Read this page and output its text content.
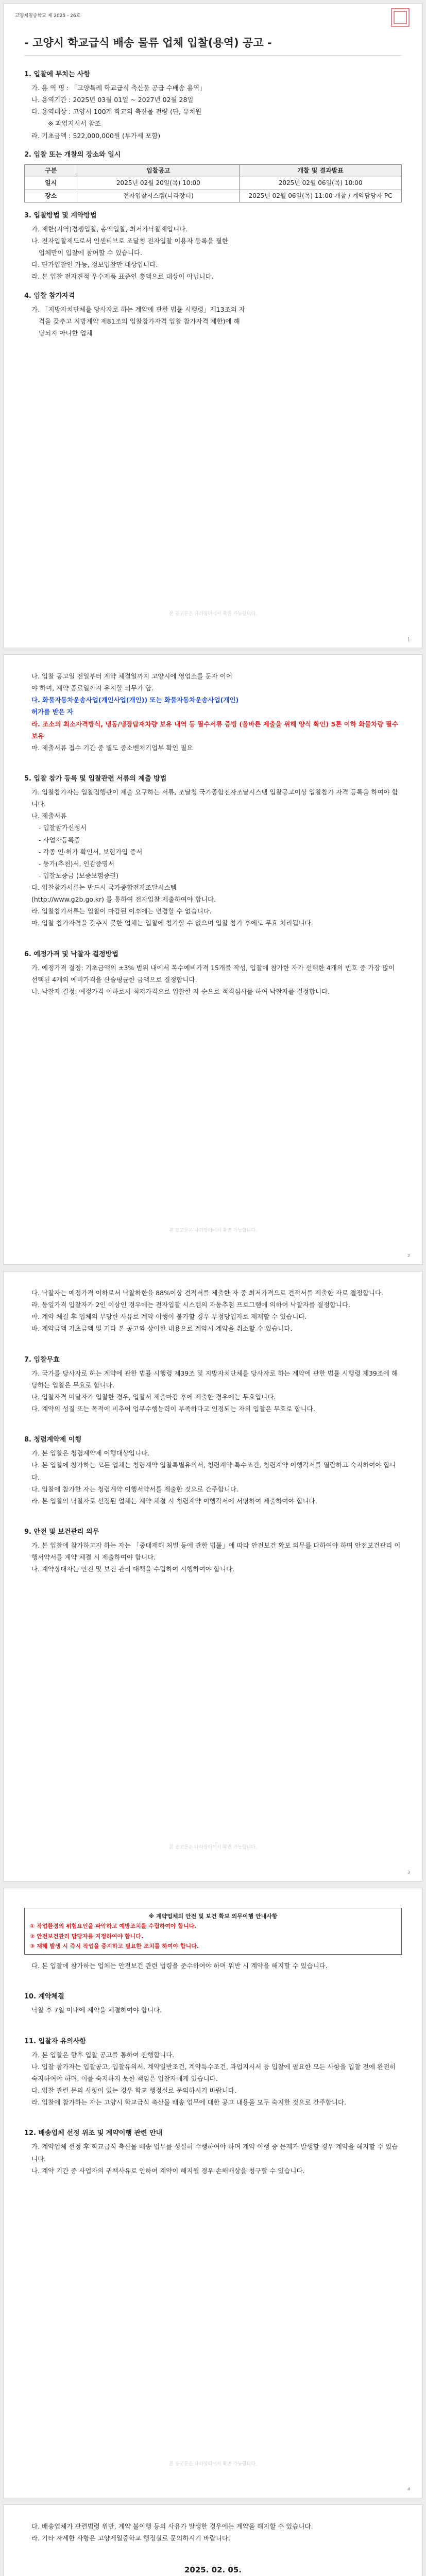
고양제일중학교 제 2025 - 26호
- 고양시 학교급식 배송 물류 업체 입찰(용역) 공고 -
1. 입찰에 부치는 사항
가. 용 역 명 : 「고양특례 학교급식 축산물 공급 수배송 용역」
나. 용역기간 : 2025년 03월 01일 ~ 2027년 02월 28일
다. 용역대상 : 고양시 100개 학교의 축산물 전량 (단, 유치원
※ 과업지시서 참조
라. 기초금액 : 522,000,000원 (부가세 포함)
2. 입찰 또는 개찰의 장소와 일시
구분	입찰공고	개찰 및 결과발표
일시	2025년 02월 20일(목) 10:00	2025년 02월 06일(목) 10:00
장소	전자입찰시스템(나라장터)	2025년 02월 06일(목) 11:00 개찰 / 계약담당자 PC
3. 입찰방법 및 계약방법
가. 제한(지역)경쟁입찰, 총액입찰, 최저가낙찰제입니다.
나. 전자입찰제도로서 인센티브로 조달청 전자입찰 이용자 등록을 필한
업체만이 입찰에 참여할 수 있습니다.
다. 단가입찰인 가능, 정보입찰만 대상입니다.
라. 본 입찰 전자견적 우수제품 표준인 총액으로 대상이 아닙니다.
4. 입찰 참가자격
가. 「지방자치단체를 당사자로 하는 계약에 관한 법률 시행령」제13조의 자
격을 갖추고 지방계약 제81조의 입찰참가자격 입찰 참가자격 제한)에 해
당되지 아니한 업체
본 공고문은 나라장터에서 확인 가능합니다.
1
나. 입찰 공고일 전일부터 계약 체결일까지 고양시에 영업소를 둔자 이어
야 하며, 계약 종료일까지 유지할 의무가 함.
다. 화물자동차운송사업(개인사업(개인)) 또는 화물자동차운송사업(개인)
허가를 받은 자
라. 조소의 최소자격방식, 냉동/냉장탑재차량 보유 내역 등 필수서류 증빙 (올바른 제출을 위해 양식 확인) 5톤 이하 화물차량 필수 보유
마. 제출서류 접수 기간 중 별도 중소벤처기업부 확인 필요

5. 입찰 참가 등록 및 입찰관련 서류의 제출 방법
가. 입찰참가자는 입찰집행관이 제출 요구하는 서류, 조달청 국가종합전자조달시스템 입찰공고이상 입찰참가 자격 등록을 하여야 합니다.
나. 제출서류
- 입찰참가신청서
- 사업자등록증
- 각종 인·허가 확인서, 보험가입 증서
- 동가(추천)서, 인감증명서
- 입찰보증금 (보증보험증권)
다. 입찰참가서류는 반드시 국가종합전자조달시스템
(http://www.g2b.go.kr) 를 통하여 전자입찰 제출하여야 합니다.
라. 입찰참가서류는 입찰이 마감된 이후에는 변경할 수 없습니다.
마. 입찰 참가자격을 갖추지 못한 업체는 입찰에 참가할 수 없으며 입찰 참가 후에도 무효 처리됩니다.

6. 예정가격 및 낙찰자 결정방법
가. 예정가격 결정: 기초금액의 ±3% 범위 내에서 복수예비가격 15개를 작성, 입찰에 참가한 자가 선택한 4개의 번호 중 가장 많이 선택된 4개의 예비가격을 산술평균한 금액으로 결정합니다.
나. 낙찰자 결정: 예정가격 이하로서 최저가격으로 입찰한 자 순으로 적격심사를 하여 낙찰자를 결정합니다.
본 공고문은 나라장터에서 확인 가능합니다.
2
다. 낙찰자는 예정가격 이하로서 낙찰하한율 88%이상 견적서를 제출한 자 중 최저가격으로 견적서를 제출한 자로 결정합니다.
라. 동일가격 입찰자가 2인 이상인 경우에는 전자입찰 시스템의 자동추첨 프로그램에 의하여 낙찰자를 결정합니다.
마. 계약 체결 후 업체의 부당한 사유로 계약 이행이 불가할 경우 부정당업자로 제재할 수 있습니다.
바. 계약금액 기초금액 및 기타 본 공고와 상이한 내용으로 계약시 계약을 취소할 수 있습니다.

7. 입찰무효
가. 국가를 당사자로 하는 계약에 관한 법률 시행령 제39조 및 지방자치단체를 당사자로 하는 계약에 관한 법률 시행령 제39조에 해당하는 입찰은 무효로 합니다.
나. 입찰자격 미달자가 입찰한 경우, 입찰서 제출마감 후에 제출한 경우에는 무효입니다.
다. 계약의 성질 또는 목적에 비추어 업무수행능력이 부족하다고 인정되는 자의 입찰은 무효로 합니다.

8. 청렴계약제 이행
가. 본 입찰은 청렴계약제 이행대상입니다.
나. 본 입찰에 참가하는 모든 업체는 청렴계약 입찰특별유의서, 청렴계약 특수조건, 청렴계약 이행각서를 열람하고 숙지하여야 합니다.
다. 입찰에 참가한 자는 청렴계약 이행서약서를 제출한 것으로 간주합니다.
라. 본 입찰의 낙찰자로 선정된 업체는 계약 체결 시 청렴계약 이행각서에 서명하여 제출하여야 합니다.

9. 안전 및 보건관리 의무
가. 본 입찰에 참가하고자 하는 자는 「중대재해 처벌 등에 관한 법률」에 따라 안전보건 확보 의무를 다하여야 하며 안전보건관리 이행서약서를 계약 체결 시 제출하여야 합니다.
나. 계약상대자는 안전 및 보건 관리 대책을 수립하여 시행하여야 합니다.
본 공고문은 나라장터에서 확인 가능합니다.
3
※ 계약업체의 안전 및 보건 확보 의무이행 안내사항
① 작업환경의 위험요인을 파악하고 예방조치를 수립하여야 합니다.
② 안전보건관리 담당자를 지정하여야 합니다.
③ 재해 발생 시 즉시 작업을 중지하고 필요한 조치를 하여야 합니다.
다. 본 입찰에 참가하는 업체는 안전보건 관련 법령을 준수하여야 하며 위반 시 계약을 해지할 수 있습니다.

10. 계약체결
낙찰 후 7일 이내에 계약을 체결하여야 합니다.

11. 입찰자 유의사항
가. 본 입찰은 향후 입찰 공고를 통하여 진행합니다.
나. 입찰 참가자는 입찰공고, 입찰유의서, 계약일반조건, 계약특수조건, 과업지시서 등 입찰에 필요한 모든 사항을 입찰 전에 완전히 숙지하여야 하며, 이를 숙지하지 못한 책임은 입찰자에게 있습니다.
다. 입찰 관련 문의 사항이 있는 경우 학교 행정실로 문의하시기 바랍니다.
라. 입찰에 참가하는 자는 고양시 학교급식 축산물 배송 업무에 대한 공고 내용을 모두 숙지한 것으로 간주합니다.

12. 배송업체 선정 위조 및 계약이행 관련 안내
가. 계약업체 선정 후 학교급식 축산물 배송 업무를 성실히 수행하여야 하며 계약 이행 중 문제가 발생할 경우 계약을 해지할 수 있습니다.
나. 계약 기간 중 사업자의 귀책사유로 인하여 계약이 해지될 경우 손해배상을 청구할 수 있습니다.
본 공고문은 나라장터에서 확인 가능합니다.
4
다. 배송업체가 관련법령 위반, 계약 불이행 등의 사유가 발생한 경우에는 계약을 해지할 수 있습니다.
라. 기타 자세한 사항은 고양제일중학교 행정실로 문의하시기 바랍니다.

2025. 02. 05.
